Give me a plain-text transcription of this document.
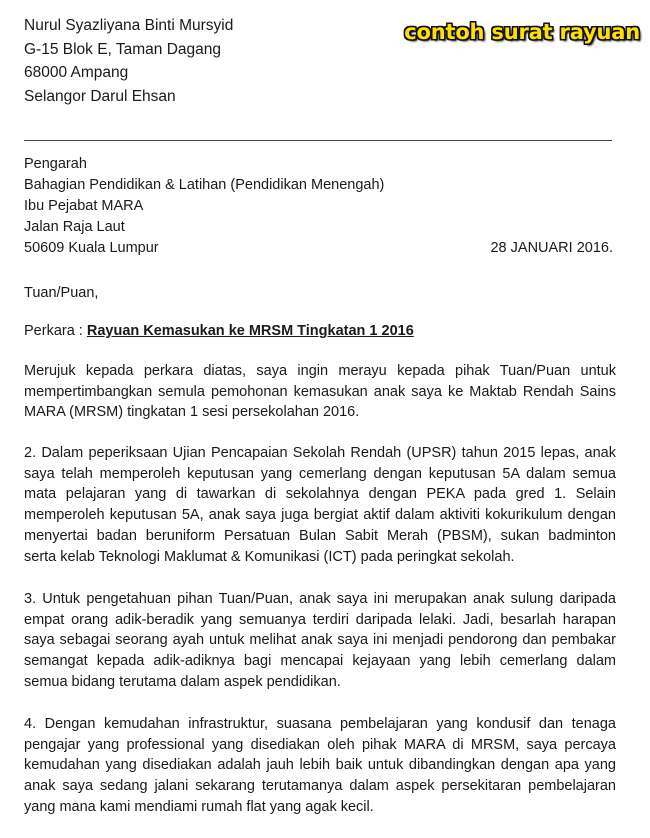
Nurul Syazliyana Binti Mursyid
G-15 Blok E, Taman Dagang
68000 Ampang
Selangor Darul Ehsan
contoh surat rayuan
Pengarah
Bahagian Pendidikan & Latihan (Pendidikan Menengah)
Ibu Pejabat MARA
Jalan Raja Laut
50609 Kuala Lumpur	28 JANUARI 2016.
Tuan/Puan,
Perkara : Rayuan Kemasukan ke MRSM Tingkatan 1 2016
Merujuk kepada perkara diatas, saya ingin merayu kepada pihak Tuan/Puan untuk
mempertimbangkan semula pemohonan kemasukan anak saya ke Maktab Rendah Sains
MARA (MRSM) tingkatan 1 sesi persekolahan 2016.
2. Dalam peperiksaan Ujian Pencapaian Sekolah Rendah (UPSR) tahun 2015 lepas, anak
saya telah memperoleh keputusan yang cemerlang dengan keputusan 5A dalam semua
mata pelajaran yang di tawarkan di sekolahnya dengan PEKA pada gred 1. Selain
memperoleh keputusan 5A, anak saya juga bergiat aktif dalam aktiviti kokurikulum dengan
menyertai badan beruniform Persatuan Bulan Sabit Merah (PBSM), sukan badminton
serta kelab Teknologi Maklumat & Komunikasi (ICT) pada peringkat sekolah.
3. Untuk pengetahuan pihan Tuan/Puan, anak saya ini merupakan anak sulung daripada
empat orang adik-beradik yang semuanya terdiri daripada lelaki. Jadi, besarlah harapan
saya sebagai seorang ayah untuk melihat anak saya ini menjadi pendorong dan pembakar
semangat kepada adik-adiknya bagi mencapai kejayaan yang lebih cemerlang dalam
semua bidang terutama dalam aspek pendidikan.
4. Dengan kemudahan infrastruktur, suasana pembelajaran yang kondusif dan tenaga
pengajar yang professional yang disediakan oleh pihak MARA di MRSM, saya percaya
kemudahan yang disediakan adalah jauh lebih baik untuk dibandingkan dengan apa yang
anak saya sedang jalani sekarang terutamanya dalam aspek persekitaran pembelajaran
yang mana kami mendiami rumah flat yang agak kecil.
